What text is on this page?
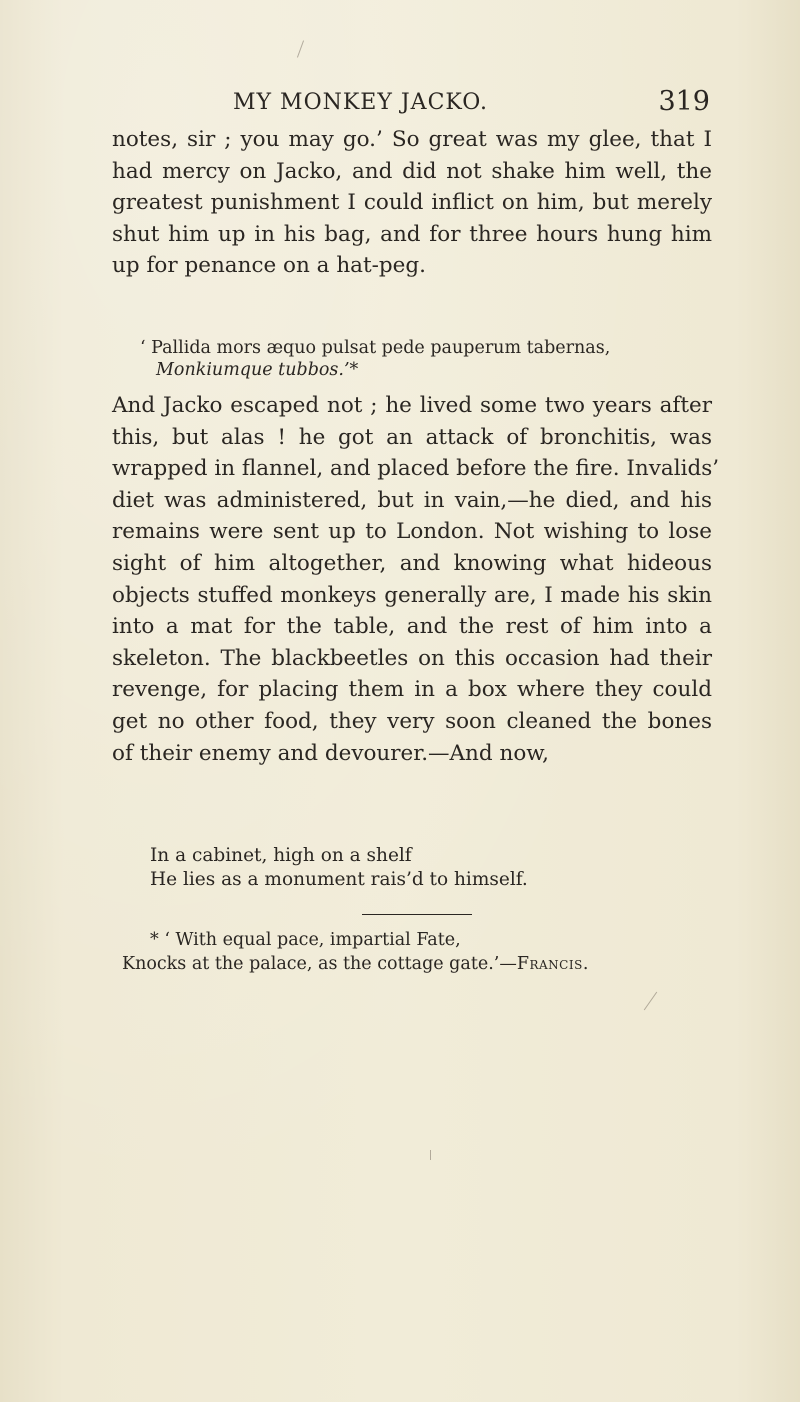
MY MONKEY JACKO.	319
notes, sir ; you may go.’ So great was my glee, that I
had mercy on Jacko, and did not shake him well, the
greatest punishment I could inflict on him, but merely
shut him up in his bag, and for three hours hung him
up for penance on a hat-peg.
‘ Pallida mors æquo pulsat pede pauperum tabernas,
Monkiumque tubbos.’*
And Jacko escaped not ; he lived some two years after
this, but alas ! he got an attack of bronchitis, was
wrapped in flannel, and placed before the fire. Invalids’
diet was administered, but in vain,—he died, and his
remains were sent up to London. Not wishing to lose
sight of him altogether, and knowing what hideous
objects stuffed monkeys generally are, I made his skin
into a mat for the table, and the rest of him into a
skeleton. The blackbeetles on this occasion had their
revenge, for placing them in a box where they could
get no other food, they very soon cleaned the bones
of their enemy and devourer.—And now,
In a cabinet, high on a shelf
He lies as a monument rais’d to himself.
* ‘ With equal pace, impartial Fate,
Knocks at the palace, as the cottage gate.’—Francis.
